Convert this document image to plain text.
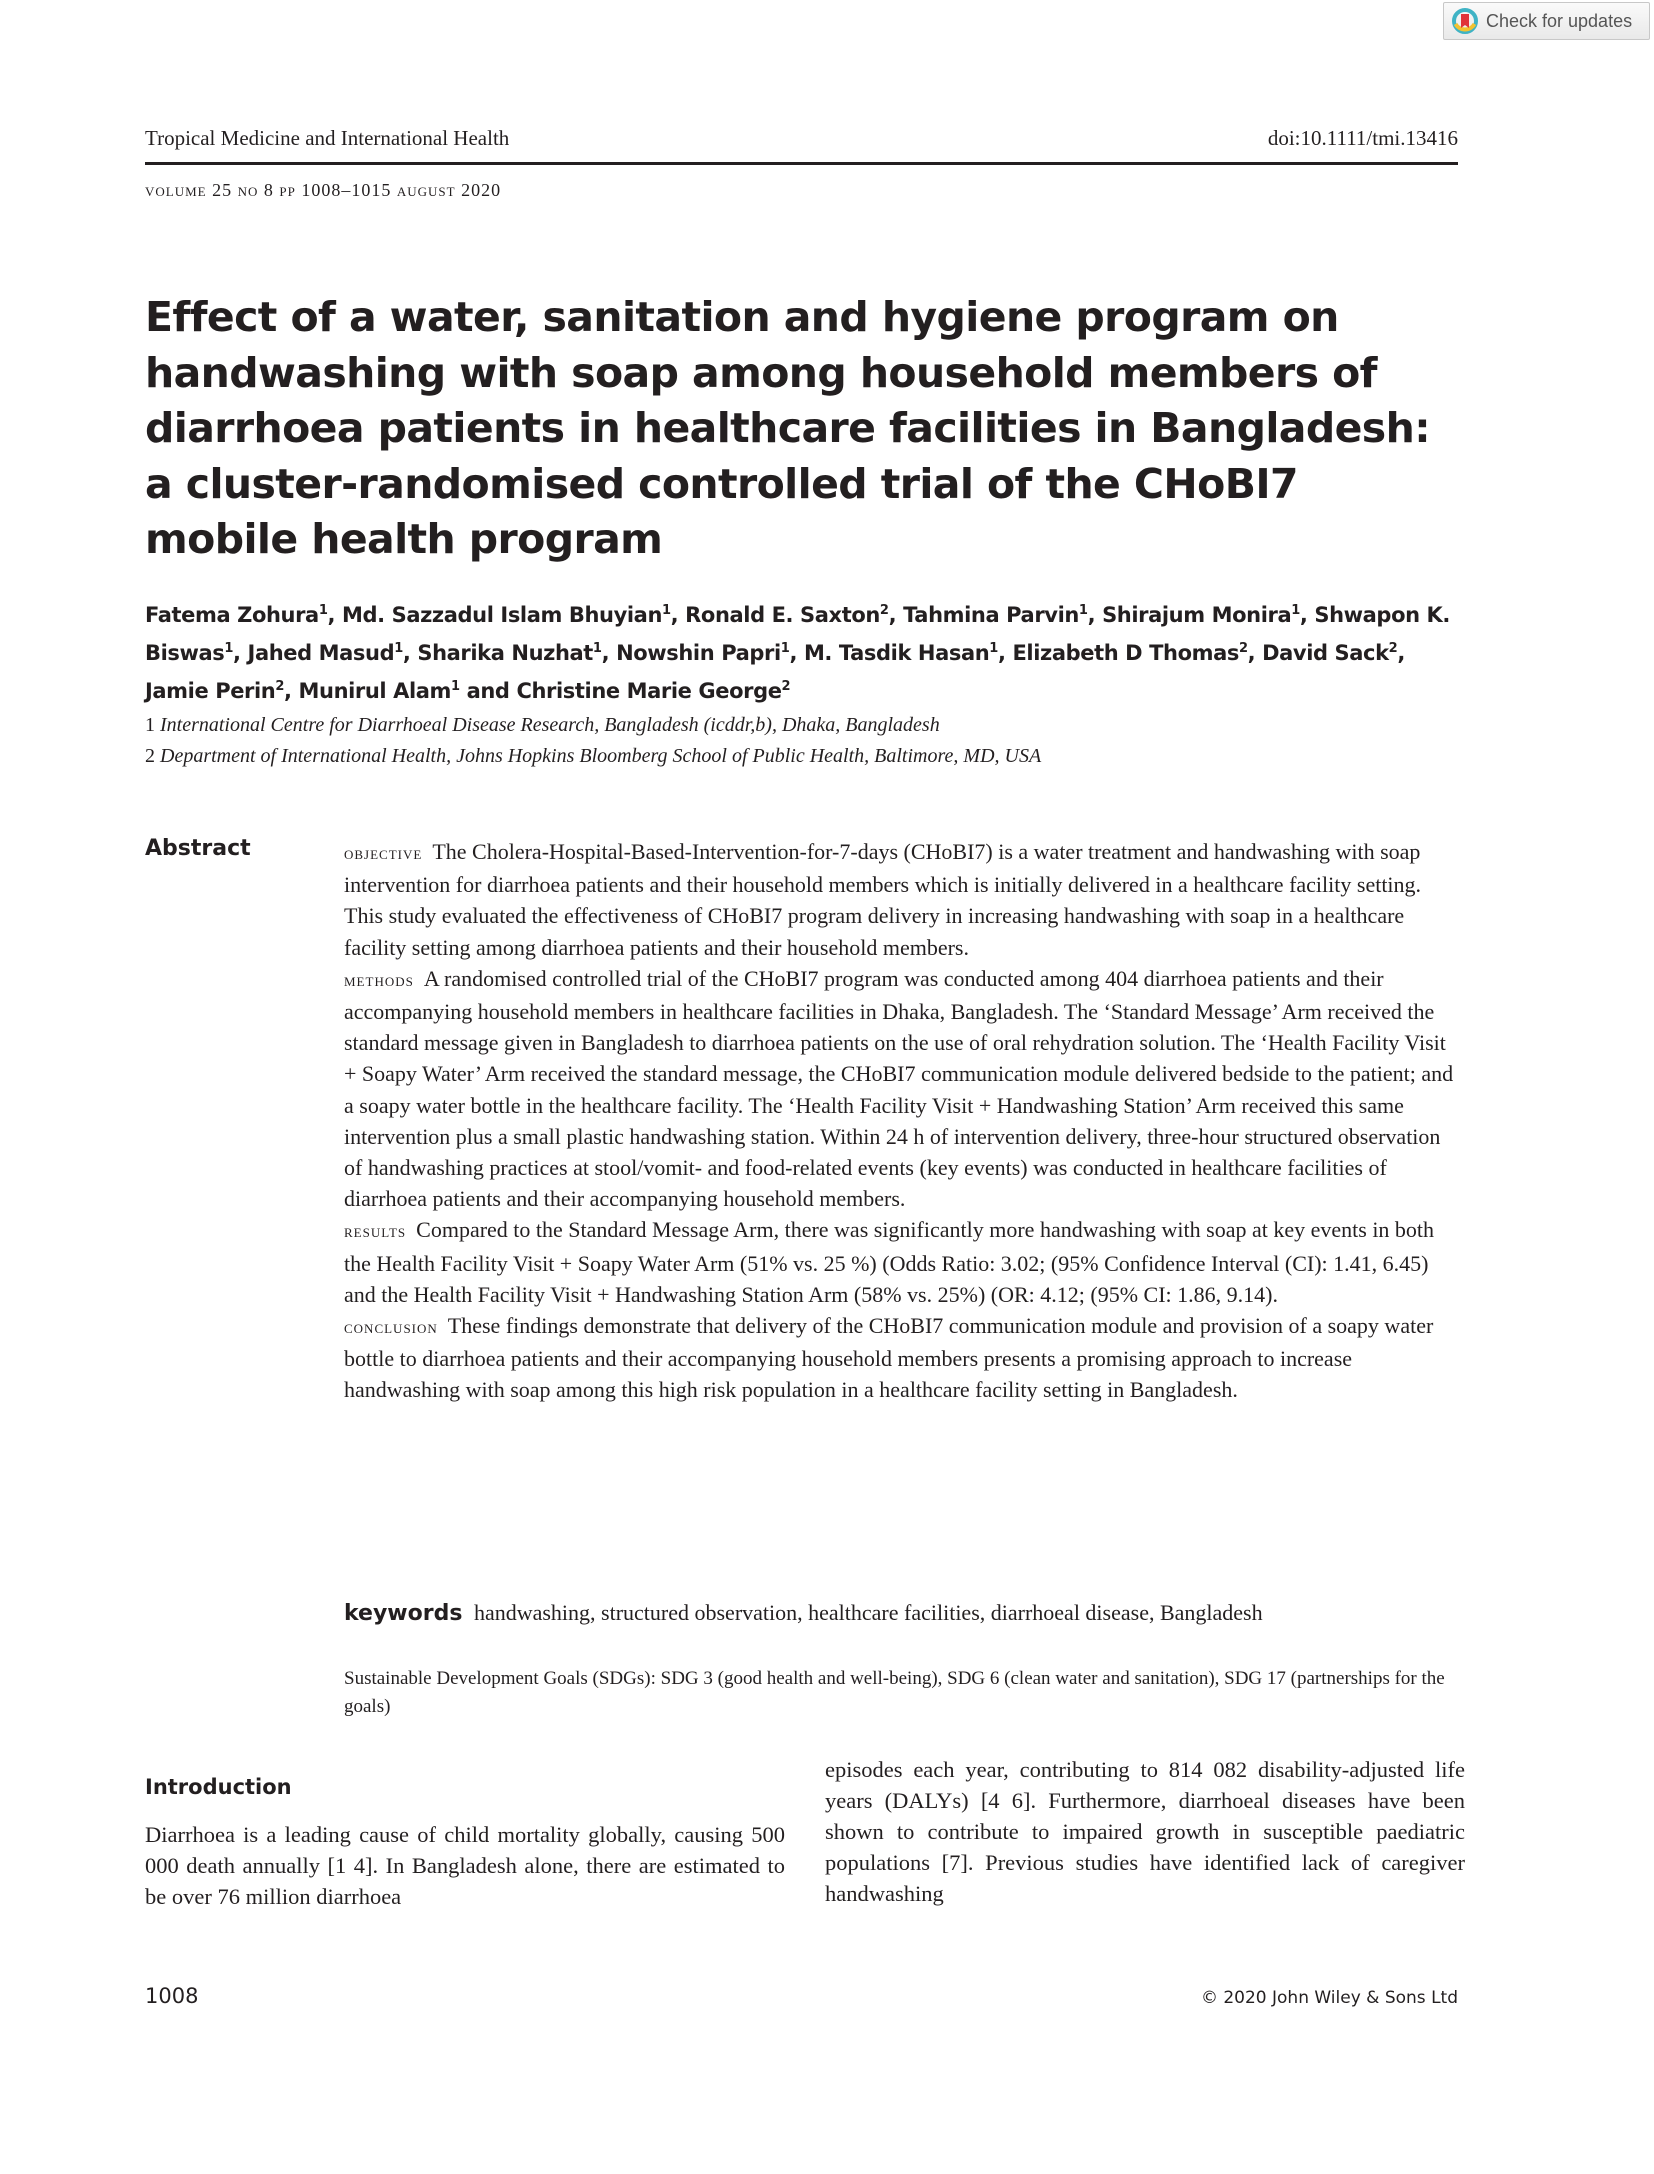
Check for updates
Tropical Medicine and International Health	doi:10.1111/tmi.13416
volume 25 no 8 pp 1008–1015 august 2020
Effect of a water, sanitation and hygiene program on handwashing with soap among household members of diarrhoea patients in healthcare facilities in Bangladesh: a cluster-randomised controlled trial of the CHoBI7 mobile health program
Fatema Zohura$^1$, Md. Sazzadul Islam Bhuyian$^1$, Ronald E. Saxton$^2$, Tahmina Parvin$^1$, Shirajum Monira$^1$, Shwapon K. Biswas$^1$, Jahed Masud$^1$, Sharika Nuzhat$^1$, Nowshin Papri$^1$, M. Tasdik Hasan$^1$, Elizabeth D Thomas$^2$, David Sack$^2$, Jamie Perin$^2$, Munirul Alam$^1$ and Christine Marie George$^2$
1 International Centre for Diarrhoeal Disease Research, Bangladesh (icddr,b), Dhaka, Bangladesh
2 Department of International Health, Johns Hopkins Bloomberg School of Public Health, Baltimore, MD, USA
Abstract	objective The Cholera-Hospital-Based-Intervention-for-7-days (CHoBI7) is a water treatment and handwashing with soap intervention for diarrhoea patients and their household members which is initially delivered in a healthcare facility setting. This study evaluated the effectiveness of CHoBI7 program delivery in increasing handwashing with soap in a healthcare facility setting among diarrhoea patients and their household members.

methods A randomised controlled trial of the CHoBI7 program was conducted among 404 diarrhoea patients and their accompanying household members in healthcare facilities in Dhaka, Bangladesh. The ‘Standard Message’ Arm received the standard message given in Bangladesh to diarrhoea patients on the use of oral rehydration solution. The ‘Health Facility Visit + Soapy Water’ Arm received the standard message, the CHoBI7 communication module delivered bedside to the patient; and a soapy water bottle in the healthcare facility. The ‘Health Facility Visit + Handwashing Station’ Arm received this same intervention plus a small plastic handwashing station. Within 24 h of intervention delivery, three-hour structured observation of handwashing practices at stool/vomit- and food-related events (key events) was conducted in healthcare facilities of diarrhoea patients and their accompanying household members.

results Compared to the Standard Message Arm, there was significantly more handwashing with soap at key events in both the Health Facility Visit + Soapy Water Arm (51% vs. 25 %) (Odds Ratio: 3.02; (95% Confidence Interval (CI): 1.41, 6.45) and the Health Facility Visit + Handwashing Station Arm (58% vs. 25%) (OR: 4.12; (95% CI: 1.86, 9.14).

conclusion These findings demonstrate that delivery of the CHoBI7 communication module and provision of a soapy water bottle to diarrhoea patients and their accompanying household members presents a promising approach to increase handwashing with soap among this high risk population in a healthcare facility setting in Bangladesh.

keywords handwashing, structured observation, healthcare facilities, diarrhoeal disease, Bangladesh
Sustainable Development Goals (SDGs): SDG 3 (good health and well-being), SDG 6 (clean water and sanitation), SDG 17 (partnerships for the goals)
Introduction
Diarrhoea is a leading cause of child mortality globally, causing 500 000 death annually [1 4]. In Bangladesh alone, there are estimated to be over 76 million diarrhoea
episodes each year, contributing to 814 082 disability-adjusted life years (DALYs) [4 6]. Furthermore, diarrhoeal diseases have been shown to contribute to impaired growth in susceptible paediatric populations [7]. Previous studies have identified lack of caregiver handwashing
1008	© 2020 John Wiley & Sons Ltd
